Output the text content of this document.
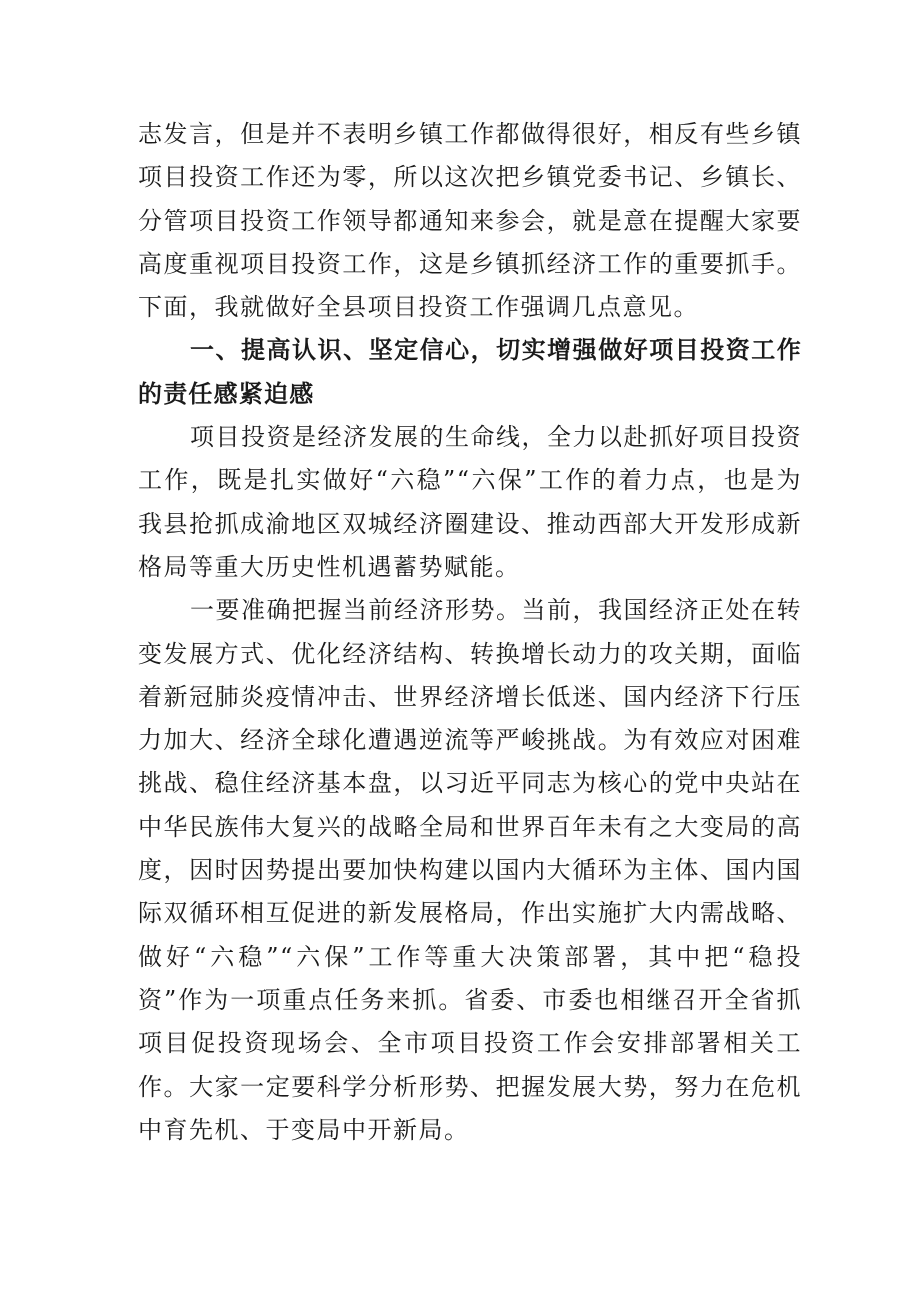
志发言，但是并不表明乡镇工作都做得很好，相反有些乡镇项目投资工作还为零，所以这次把乡镇党委书记、乡镇长、分管项目投资工作领导都通知来参会，就是意在提醒大家要高度重视项目投资工作，这是乡镇抓经济工作的重要抓手。下面，我就做好全县项目投资工作强调几点意见。

一、提高认识、坚定信心，切实增强做好项目投资工作的责任感紧迫感

项目投资是经济发展的生命线，全力以赴抓好项目投资工作，既是扎实做好“六稳”“六保”工作的着力点，也是为我县抢抓成渝地区双城经济圈建设、推动西部大开发形成新格局等重大历史性机遇蓄势赋能。

一要准确把握当前经济形势。当前，我国经济正处在转变发展方式、优化经济结构、转换增长动力的攻关期，面临着新冠肺炎疫情冲击、世界经济增长低迷、国内经济下行压力加大、经济全球化遭遇逆流等严峻挑战。为有效应对困难挑战、稳住经济基本盘，以习近平同志为核心的党中央站在中华民族伟大复兴的战略全局和世界百年未有之大变局的高度，因时因势提出要加快构建以国内大循环为主体、国内国际双循环相互促进的新发展格局，作出实施扩大内需战略、做好“六稳”“六保”工作等重大决策部署，其中把“稳投资”作为一项重点任务来抓。省委、市委也相继召开全省抓项目促投资现场会、全市项目投资工作会安排部署相关工作。大家一定要科学分析形势、把握发展大势，努力在危机中育先机、于变局中开新局。
